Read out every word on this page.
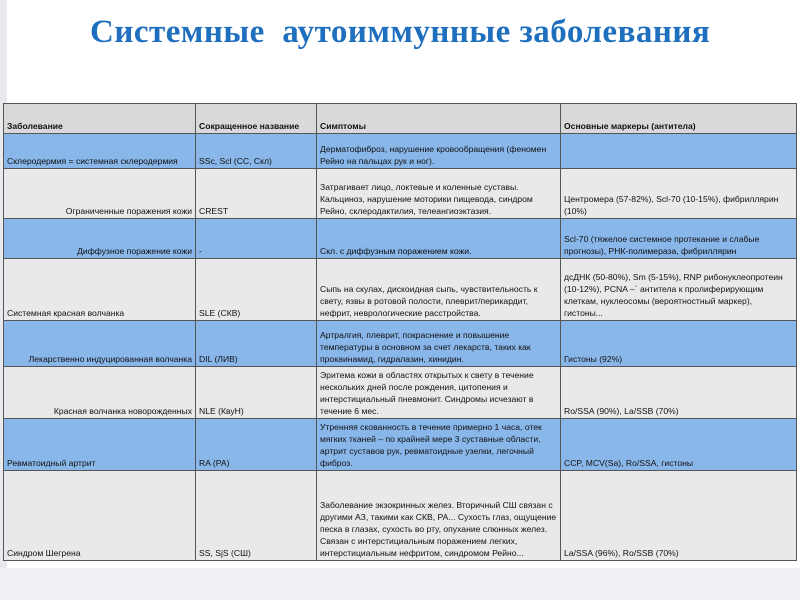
Системные  аутоиммунные заболевания
Заболевание	Сокращенное название	Симптомы	Основные маркеры (антитела)
Склеродермия = системная склеродермия	SSc, Scl (СС, Скл)	Дерматофиброз, нарушение кровообращения (феномен Рейно на пальцах рук и ног).	
Ограниченные поражения кожи	CREST	Затрагивает лицо, локтевые и коленные суставы. Кальциноз, нарушение моторики пищевода, синдром Рейно, склеродактилия, телеангиоэктазия.	Центромера (57-82%), Scl-70 (10-15%), фибриллярин (10%)
Диффузное поражение кожи	-	Скл. с диффузным поражением кожи.	Scl-70 (тяжелое системное протекание и слабые прогнозы), РНК-полимераза, фибриллярин
Системная красная волчанка	SLE (СКВ)	Сыпь на скулах, дискоидная сыпь, чувствительность к свету, язвы в ротовой полости, плеврит/перикардит, нефрит, неврологические расстройства.	дсДНК (50-80%), Sm (5-15%), RNP рибонуклеопротеин (10-12%), PCNA –` антитела к пролиферирующим клеткам, нуклеосомы (вероятностный маркер), гистоны...
Лекарственно индуцированная волчанка	DIL (ЛИВ)	Артралгия, плеврит, покраснение и повышение температуры в основном за счет лекарств, таких как прокаинамид, гидралазин, хинидин.	Гистоны (92%)
Красная волчанка новорожденных	NLE (КвуН)	Эритема кожи в областях открытых к свету в течение нескольких дней после рождения, цитопения и интерстициальный пневмонит. Синдромы исчезают в течение 6 мес.	Ro/SSA (90%), La/SSB (70%)
Ревматоидный артрит	RA (РА)	Утренняя скованность в течение примерно 1 часа, отек мягких тканей – по крайней мере 3 суставные области, артрит суставов рук, ревматоидные узелки, легочный фиброз.	CCP, MCV(Sa), Ro/SSA, гистоны
Синдром Шегрена	SS, SjS (СШ)	Заболевание экзокринных желез. Вторичный СШ связан с другими АЗ, такими как СКВ, РА... Сухость глаз, ощущение песка в глазах, сухость во рту, опухание слюнных желез. Связан с интерстициальным поражением легких, интерстициальным нефритом, синдромом Рейно...	La/SSA (96%), Ro/SSB (70%)
